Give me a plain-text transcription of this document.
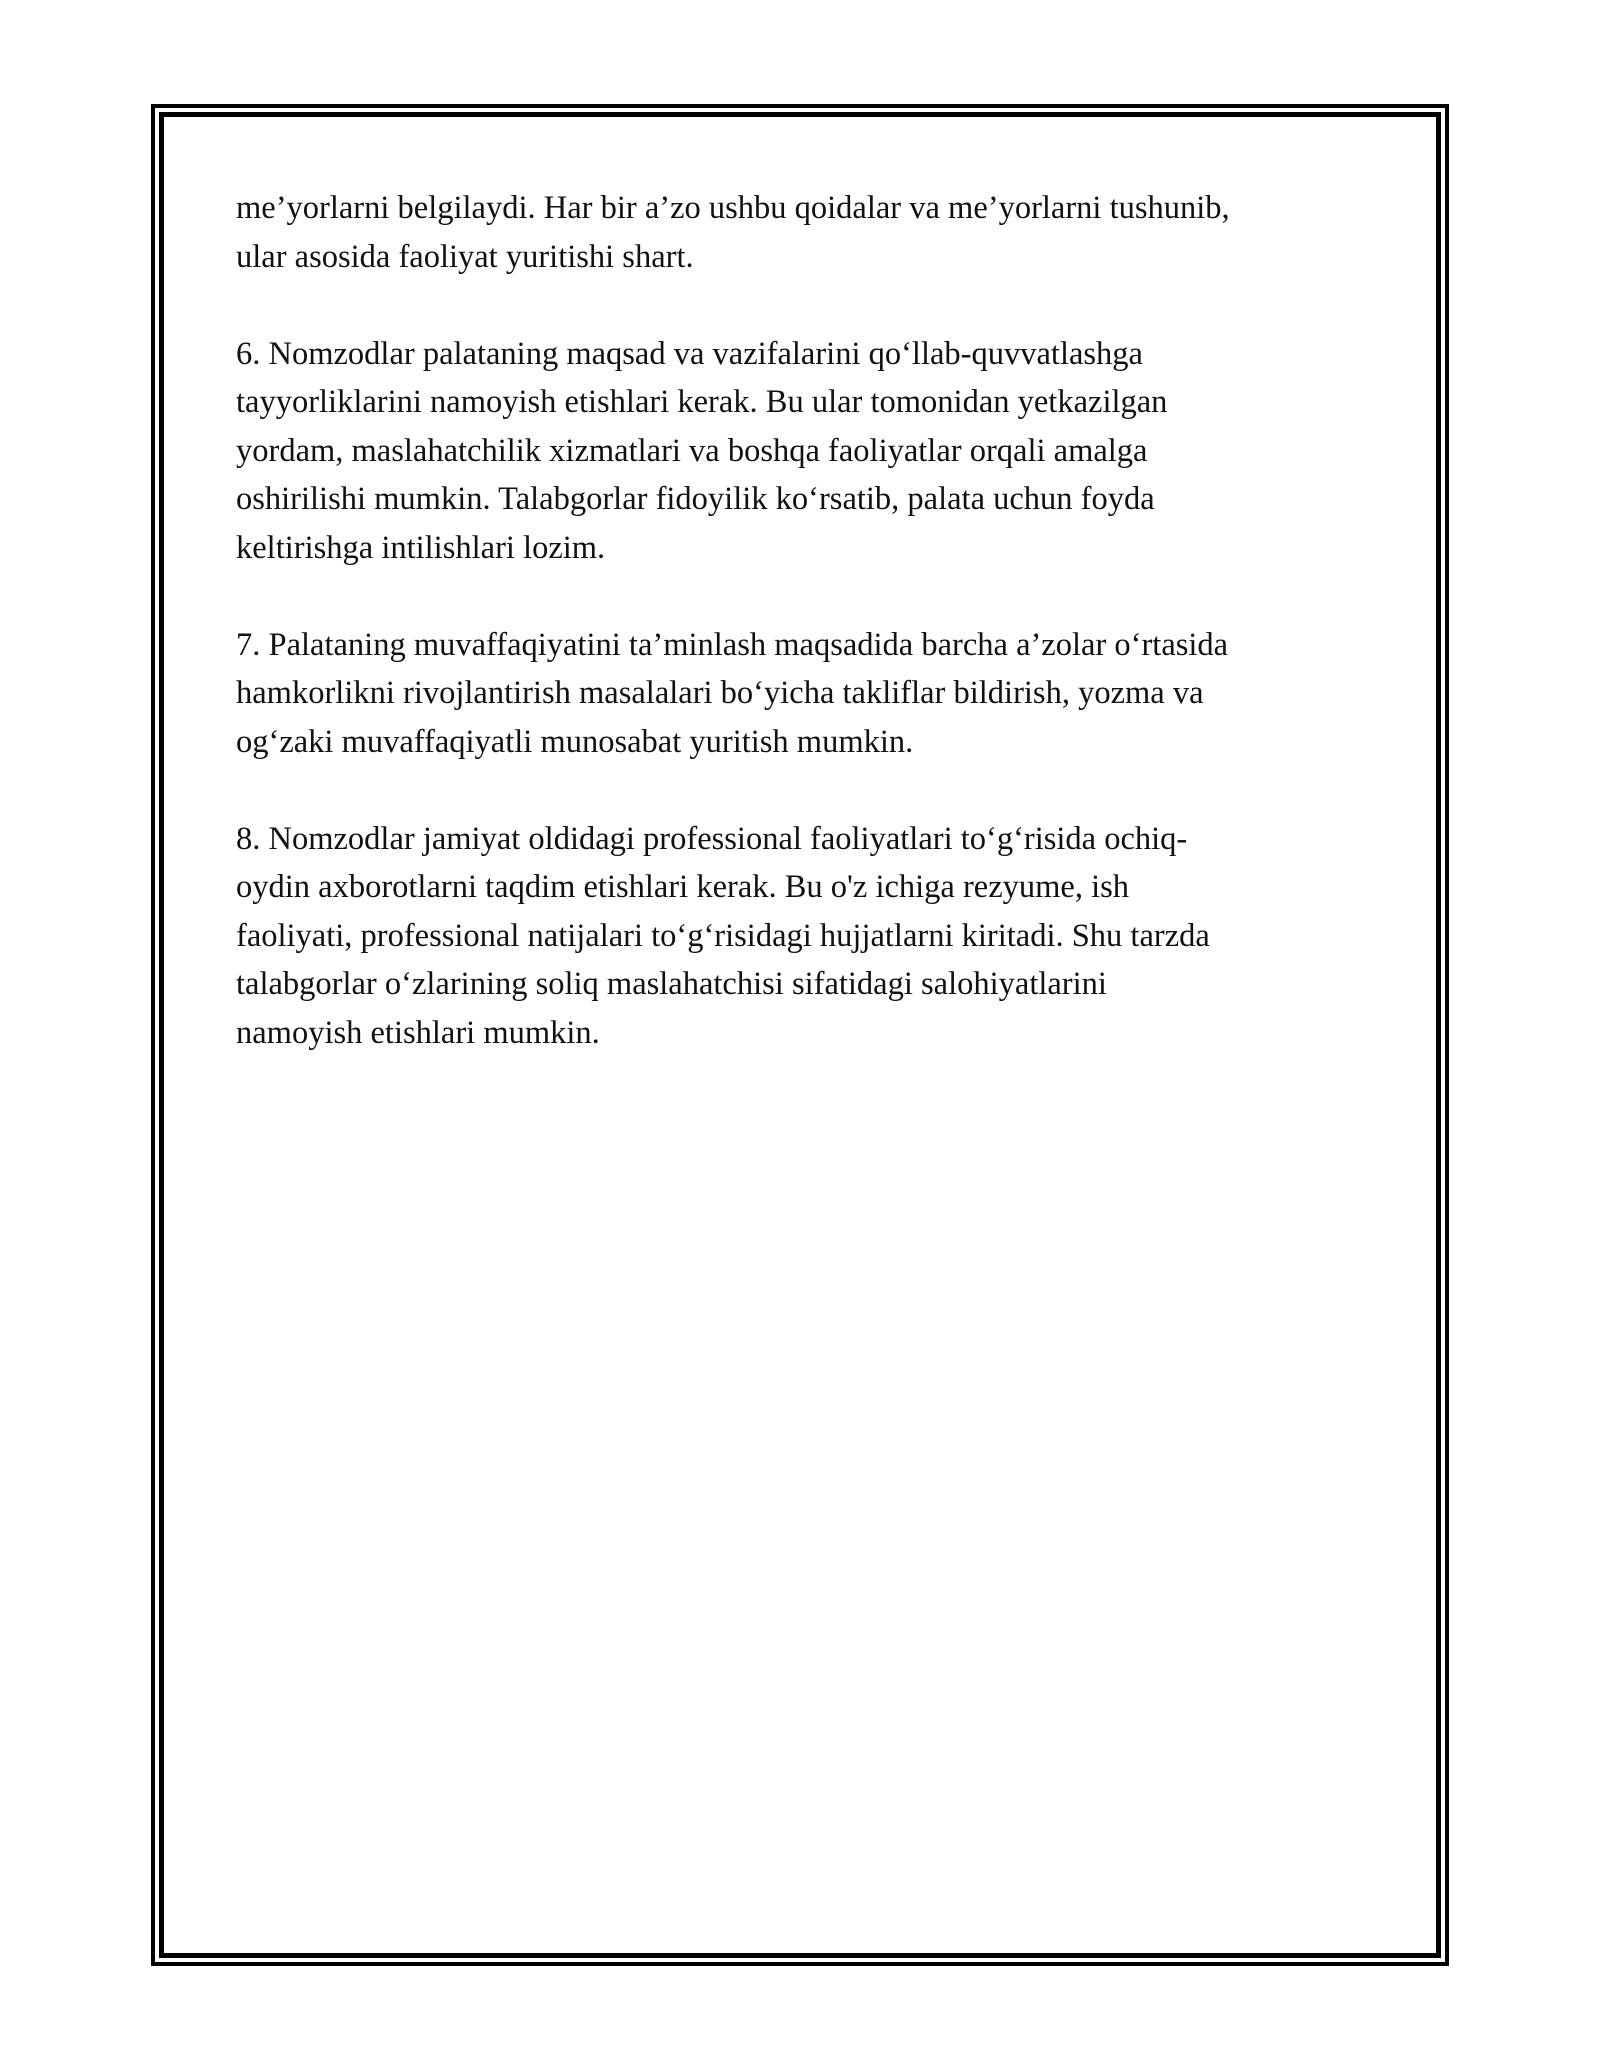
me’yorlarni belgilaydi. Har bir a’zo ushbu qoidalar va me’yorlarni tushunib,
ular asosida faoliyat yuritishi shart.

6. Nomzodlar palataning maqsad va vazifalarini qo‘llab-quvvatlashga
tayyorliklarini namoyish etishlari kerak. Bu ular tomonidan yetkazilgan
yordam, maslahatchilik xizmatlari va boshqa faoliyatlar orqali amalga
oshirilishi mumkin. Talabgorlar fidoyilik ko‘rsatib, palata uchun foyda
keltirishga intilishlari lozim.

7. Palataning muvaffaqiyatini ta’minlash maqsadida barcha a’zolar o‘rtasida
hamkorlikni rivojlantirish masalalari bo‘yicha takliflar bildirish, yozma va
og‘zaki muvaffaqiyatli munosabat yuritish mumkin.

8. Nomzodlar jamiyat oldidagi professional faoliyatlari to‘g‘risida ochiq-
oydin axborotlarni taqdim etishlari kerak. Bu o'z ichiga rezyume, ish
faoliyati, professional natijalari to‘g‘risidagi hujjatlarni kiritadi. Shu tarzda
talabgorlar o‘zlarining soliq maslahatchisi sifatidagi salohiyatlarini
namoyish etishlari mumkin.
